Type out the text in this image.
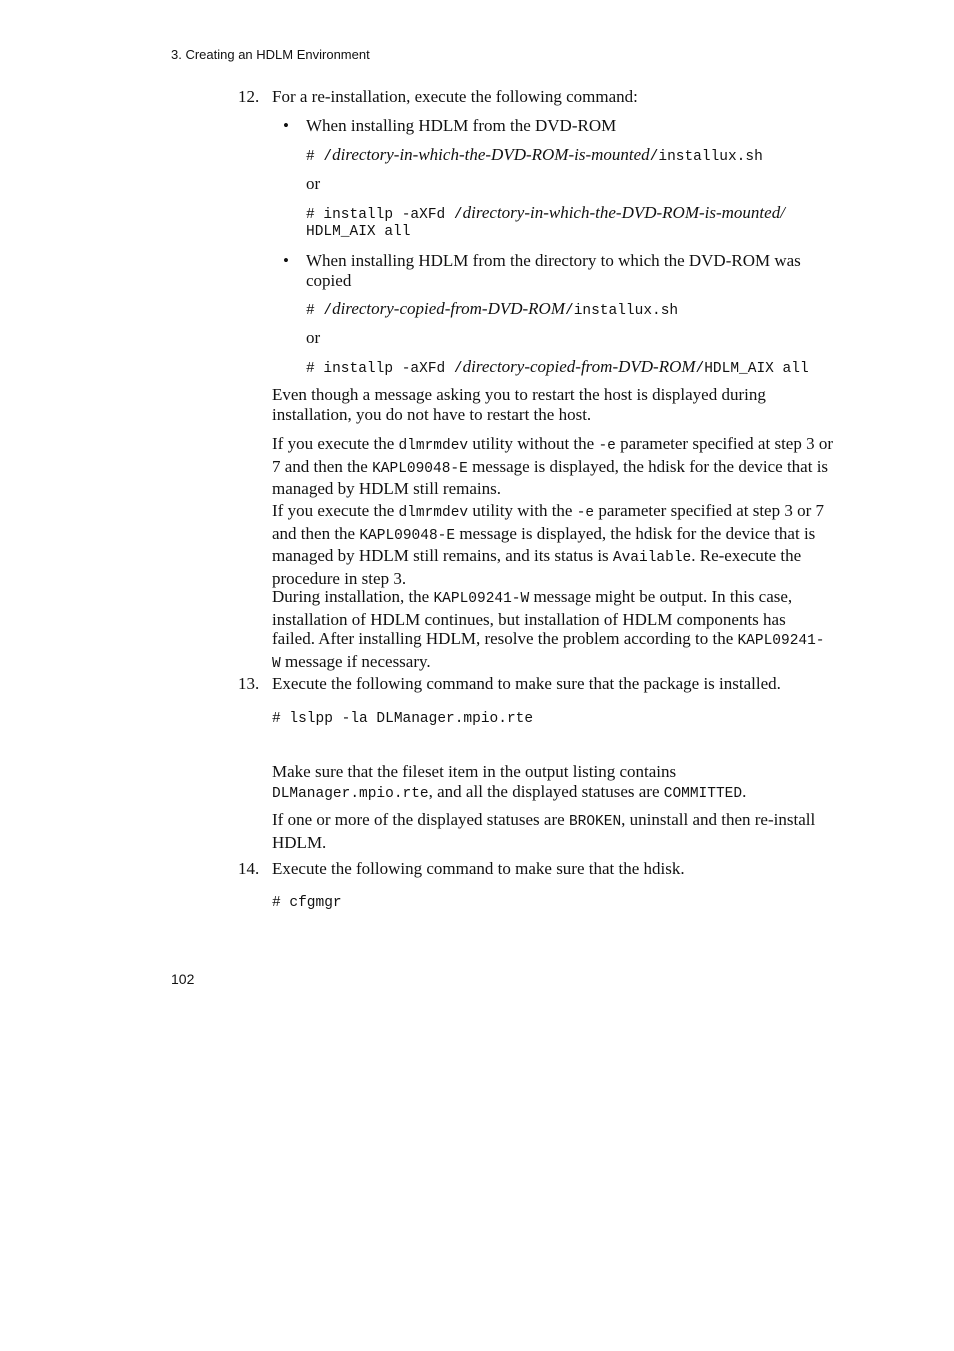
3. Creating an HDLM Environment
12. For a re-installation, execute the following command:
• When installing HDLM from the DVD-ROM
# /directory-in-which-the-DVD-ROM-is-mounted/installux.sh
or
# installp -aXFd /directory-in-which-the-DVD-ROM-is-mounted/
HDLM_AIX all
• When installing HDLM from the directory to which the DVD-ROM was copied
# /directory-copied-from-DVD-ROM/installux.sh
or
# installp -aXFd /directory-copied-from-DVD-ROM/HDLM_AIX all
Even though a message asking you to restart the host is displayed during installation, you do not have to restart the host.
If you execute the dlmrmdev utility without the -e parameter specified at step 3 or 7 and then the KAPL09048-E message is displayed, the hdisk for the device that is managed by HDLM still remains.
If you execute the dlmrmdev utility with the -e parameter specified at step 3 or 7 and then the KAPL09048-E message is displayed, the hdisk for the device that is managed by HDLM still remains, and its status is Available. Re-execute the procedure in step 3.
During installation, the KAPL09241-W message might be output. In this case, installation of HDLM continues, but installation of HDLM components has failed. After installing HDLM, resolve the problem according to the KAPL09241-W message if necessary.
13. Execute the following command to make sure that the package is installed.
# lslpp -la DLManager.mpio.rte
Make sure that the fileset item in the output listing contains DLManager.mpio.rte, and all the displayed statuses are COMMITTED.
If one or more of the displayed statuses are BROKEN, uninstall and then re-install HDLM.
14. Execute the following command to make sure that the hdisk.
# cfgmgr
102
